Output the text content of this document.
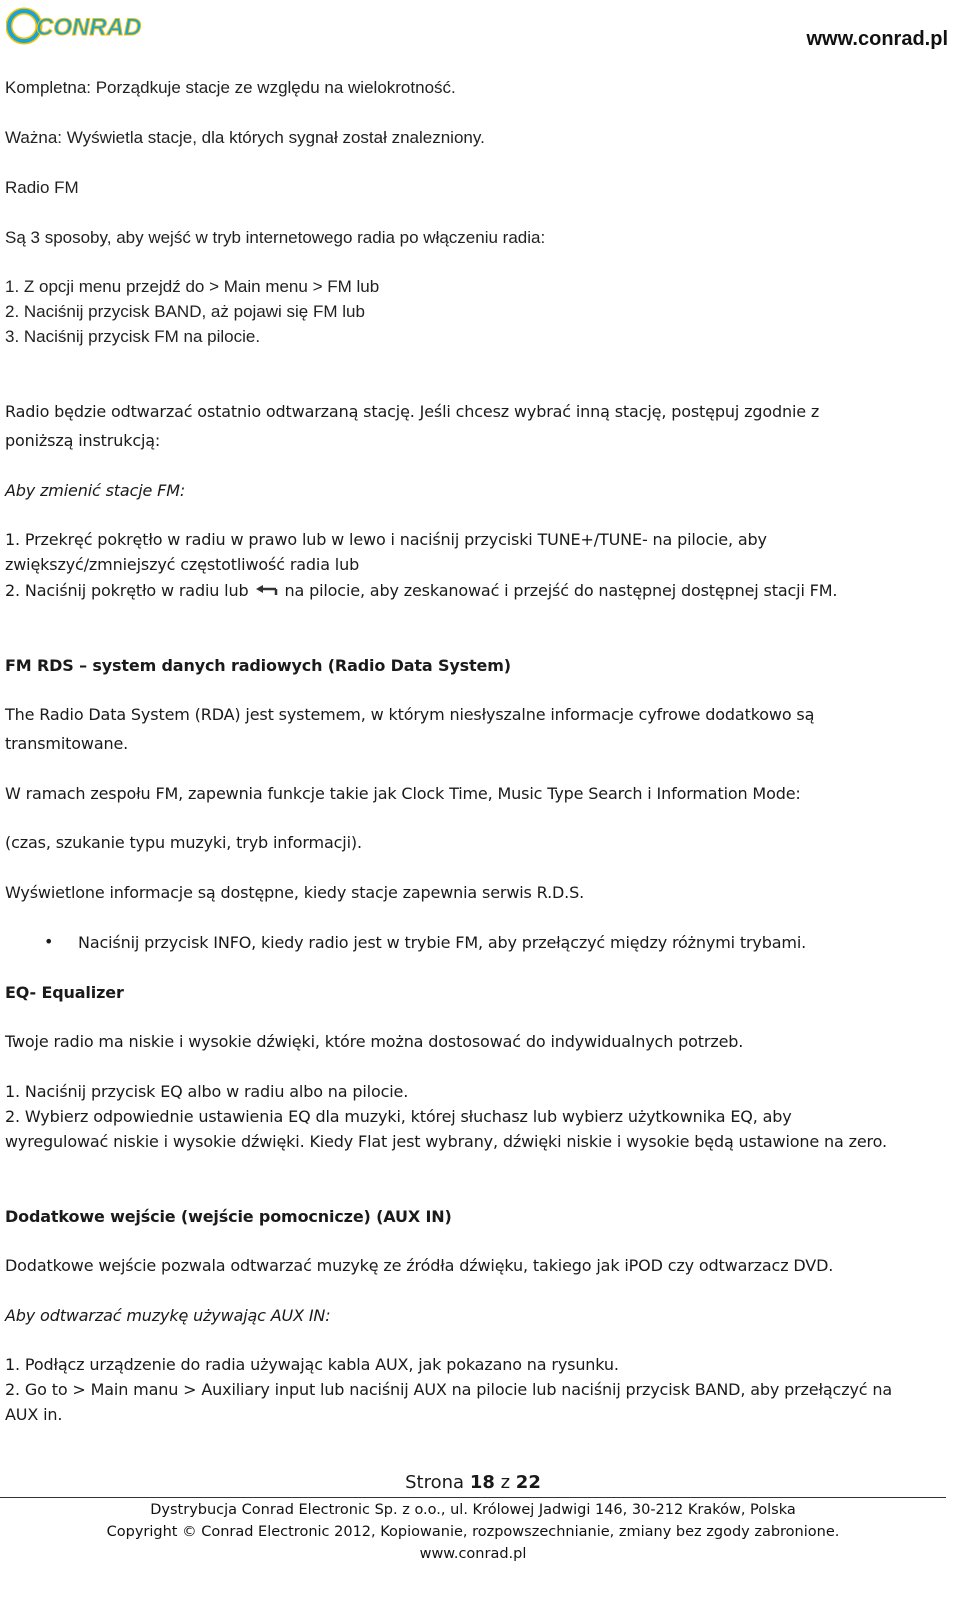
CONRAD	www.conrad.pl
Kompletna: Porządkuje stacje ze względu na wielokrotność.
Ważna: Wyświetla stacje, dla których sygnał został znalezniony.
Radio FM
Są 3 sposoby, aby wejść w tryb internetowego radia po włączeniu radia:
1. Z opcji menu przejdź do > Main menu > FM lub
2. Naciśnij przycisk BAND, aż pojawi się FM lub
3. Naciśnij przycisk FM na pilocie.
Radio będzie odtwarzać ostatnio odtwarzaną stację. Jeśli chcesz wybrać inną stację, postępuj zgodnie z
poniższą instrukcją:
Aby zmienić stacje FM:
1. Przekręć pokrętło w radiu w prawo lub w lewo i naciśnij przyciski TUNE+/TUNE- na pilocie, aby
zwiększyć/zmniejszyć częstotliwość radia lub
2. Naciśnij pokrętło w radiu lub na pilocie, aby zeskanować i przejść do następnej dostępnej stacji FM.
FM RDS – system danych radiowych (Radio Data System)
The Radio Data System (RDA) jest systemem, w którym niesłyszalne informacje cyfrowe dodatkowo są
transmitowane.
W ramach zespołu FM, zapewnia funkcje takie jak Clock Time, Music Type Search i Information Mode:
(czas, szukanie typu muzyki, tryb informacji).
Wyświetlone informacje są dostępne, kiedy stacje zapewnia serwis R.D.S.
• Naciśnij przycisk INFO, kiedy radio jest w trybie FM, aby przełączyć między różnymi trybami.
EQ- Equalizer
Twoje radio ma niskie i wysokie dźwięki, które można dostosować do indywidualnych potrzeb.
1. Naciśnij przycisk EQ albo w radiu albo na pilocie.
2. Wybierz odpowiednie ustawienia EQ dla muzyki, której słuchasz lub wybierz użytkownika EQ, aby
wyregulować niskie i wysokie dźwięki. Kiedy Flat jest wybrany, dźwięki niskie i wysokie będą ustawione na zero.
Dodatkowe wejście (wejście pomocnicze) (AUX IN)
Dodatkowe wejście pozwala odtwarzać muzykę ze źródła dźwięku, takiego jak iPOD czy odtwarzacz DVD.
Aby odtwarzać muzykę używając AUX IN:
1. Podłącz urządzenie do radia używając kabla AUX, jak pokazano na rysunku.
2. Go to > Main manu > Auxiliary input lub naciśnij AUX na pilocie lub naciśnij przycisk BAND, aby przełączyć na
AUX in.
Strona 18 z 22
Dystrybucja Conrad Electronic Sp. z o.o., ul. Królowej Jadwigi 146, 30-212 Kraków, Polska
Copyright © Conrad Electronic 2012, Kopiowanie, rozpowszechnianie, zmiany bez zgody zabronione.
www.conrad.pl
